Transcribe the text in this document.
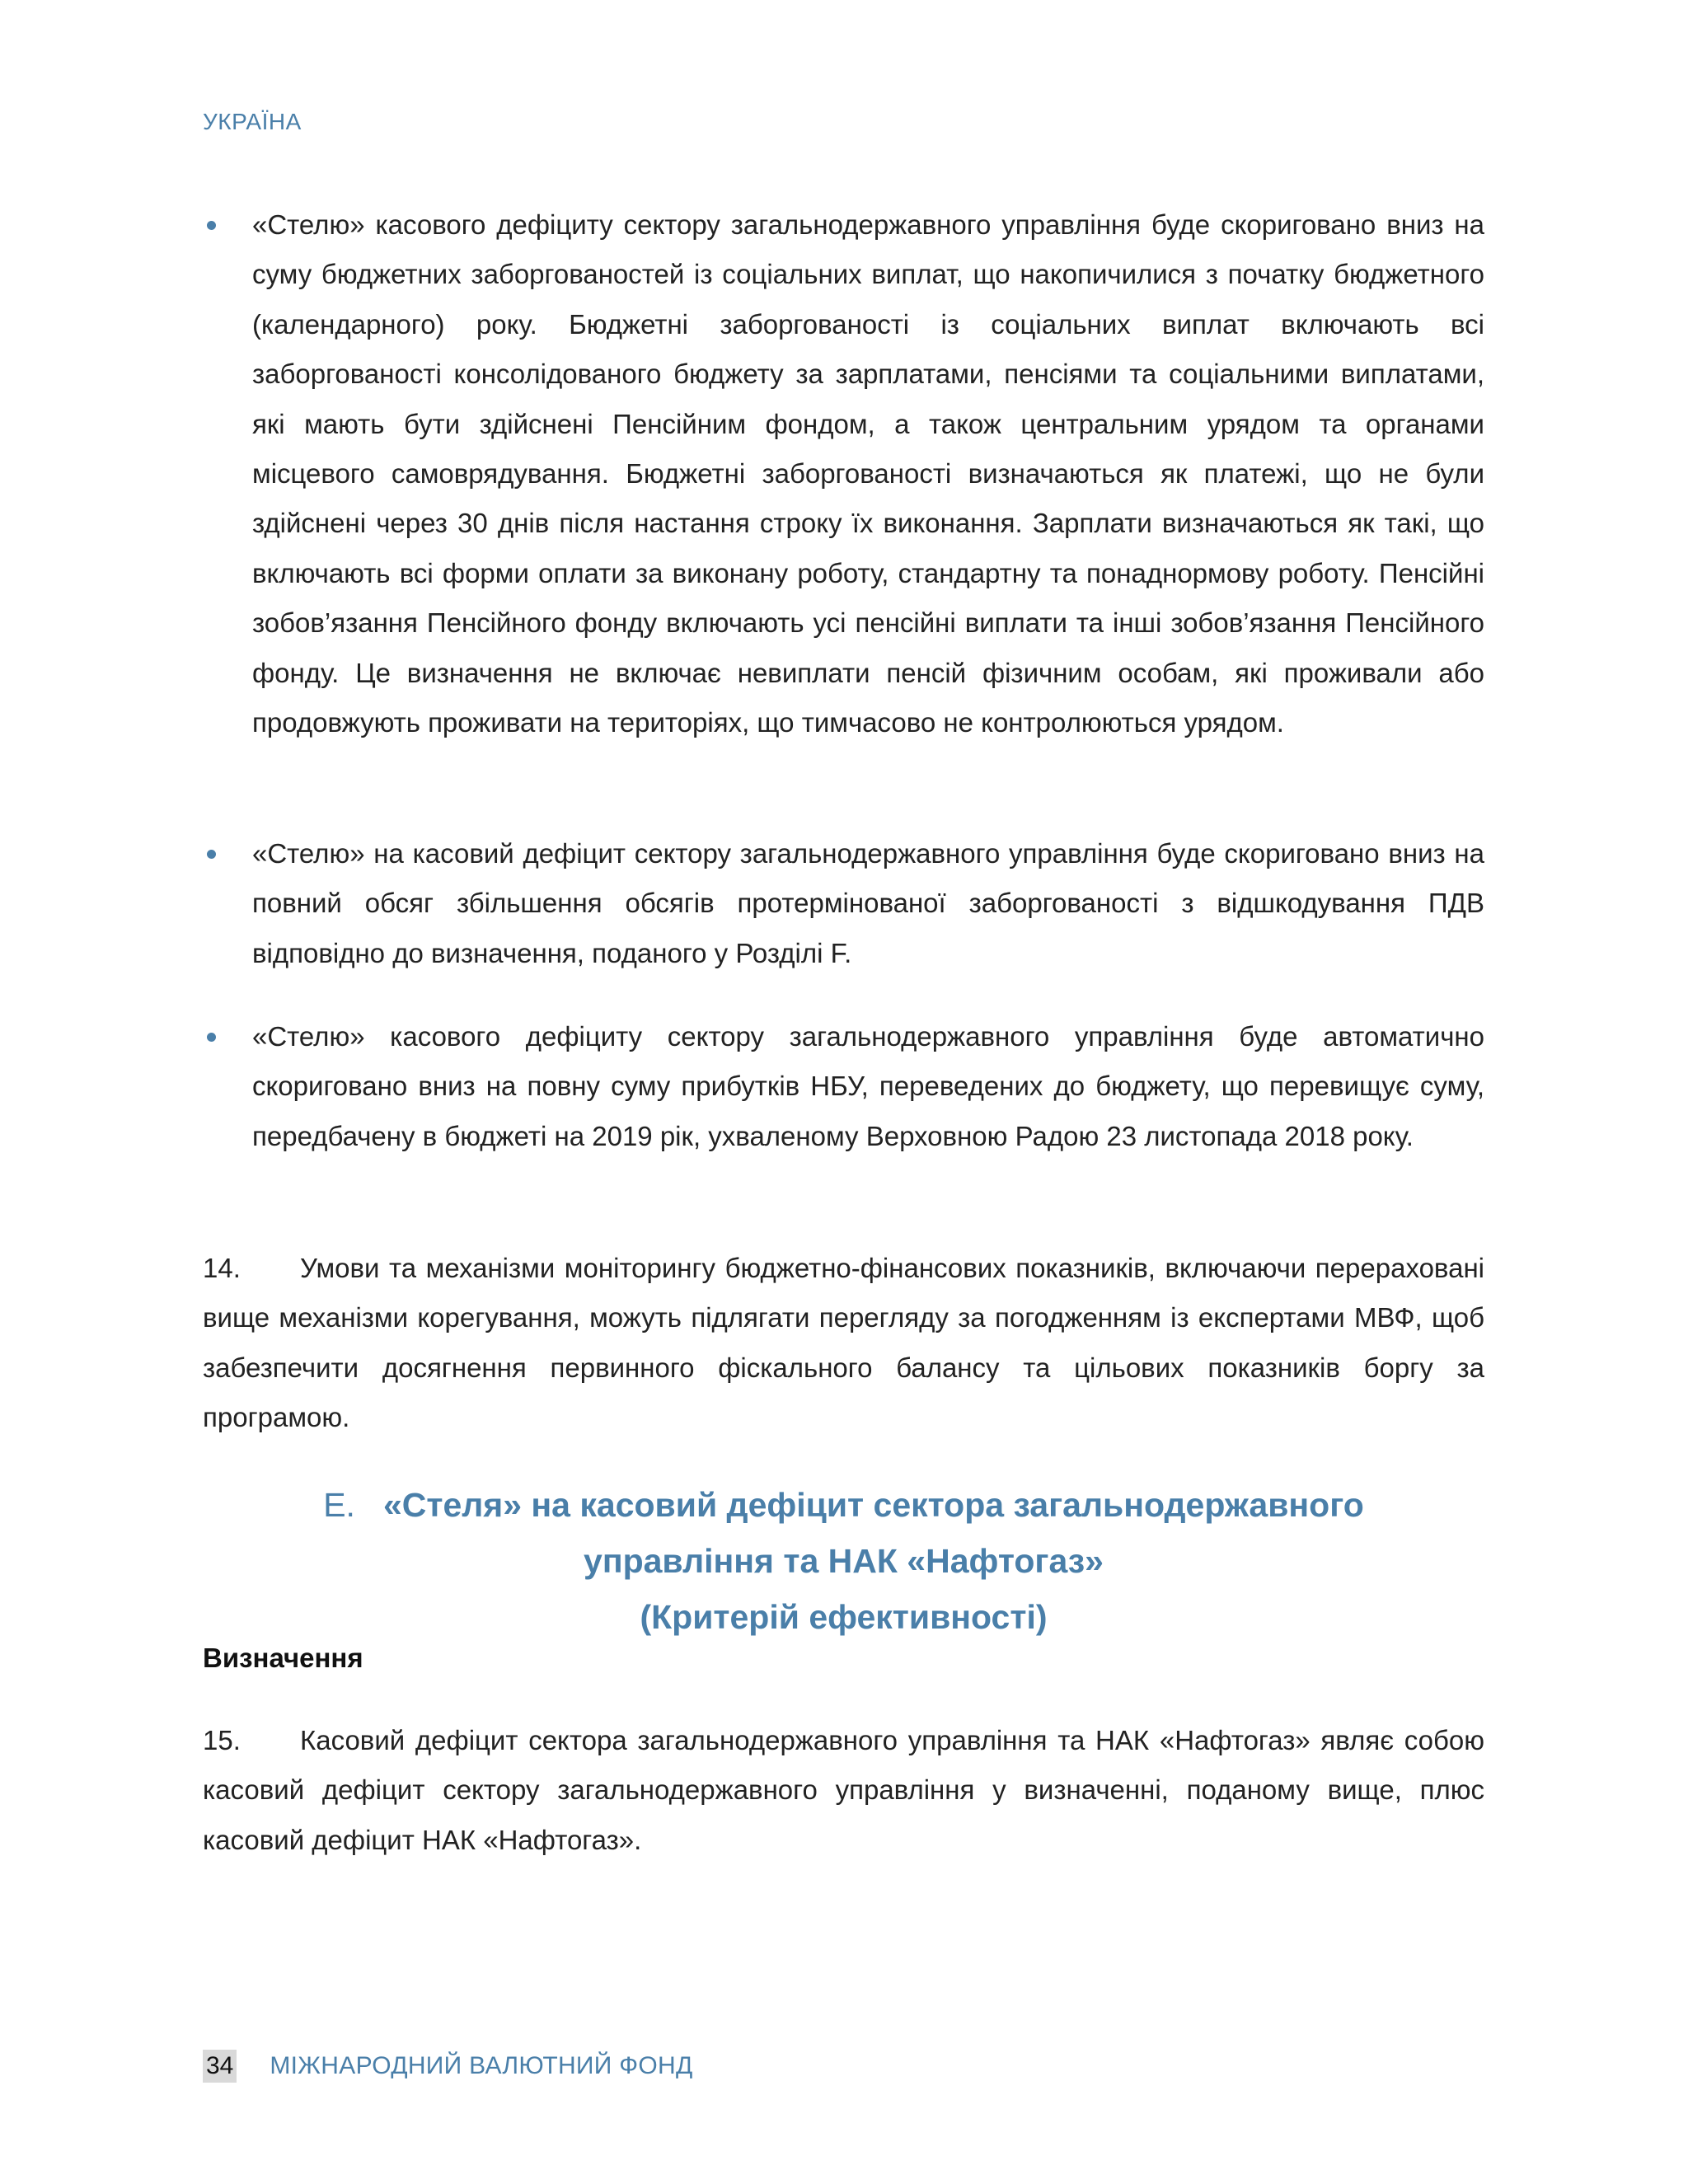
УКРАЇНА
«Стелю» касового дефіциту сектору загальнодержавного управління буде скориговано вниз на суму бюджетних заборгованостей із соціальних виплат, що накопичилися з початку бюджетного (календарного) року. Бюджетні заборгованості із соціальних виплат включають всі заборгованості консолідованого бюджету за зарплатами, пенсіями та соціальними виплатами, які мають бути здійснені Пенсійним фондом, а також центральним урядом та органами місцевого самоврядування. Бюджетні заборгованості визначаються як платежі, що не були здійснені через 30 днів після настання строку їх виконання. Зарплати визначаються як такі, що включають всі форми оплати за виконану роботу, стандартну та понаднормову роботу. Пенсійні зобов’язання Пенсійного фонду включають усі пенсійні виплати та інші зобов’язання Пенсійного фонду. Це визначення не включає невиплати пенсій фізичним особам, які проживали або продовжують проживати на територіях, що тимчасово не контролюються урядом.
«Стелю» на касовий дефіцит сектору загальнодержавного управління буде скориговано вниз на повний обсяг збільшення обсягів протермінованої заборгованості з відшкодування ПДВ відповідно до визначення, поданого у Розділі F.
«Стелю» касового дефіциту сектору загальнодержавного управління буде автоматично скориговано вниз на повну суму прибутків НБУ, переведених до бюджету, що перевищує суму, передбачену в бюджеті на 2019 рік, ухваленому Верховною Радою 23 листопада 2018 року.
14. Умови та механізми моніторингу бюджетно-фінансових показників, включаючи перераховані вище механізми корегування, можуть підлягати перегляду за погодженням із експертами МВФ, щоб забезпечити досягнення первинного фіскального балансу та цільових показників боргу за програмою.
E. «Стеля» на касовий дефіцит сектора загальнодержавного
управління та НАК «Нафтогаз»
(Критерій ефективності)
Визначення
15. Касовий дефіцит сектора загальнодержавного управління та НАК «Нафтогаз» являє собою касовий дефіцит сектору загальнодержавного управління у визначенні, поданому вище, плюс касовий дефіцит НАК «Нафтогаз».
34 МІЖНАРОДНИЙ ВАЛЮТНИЙ ФОНД
